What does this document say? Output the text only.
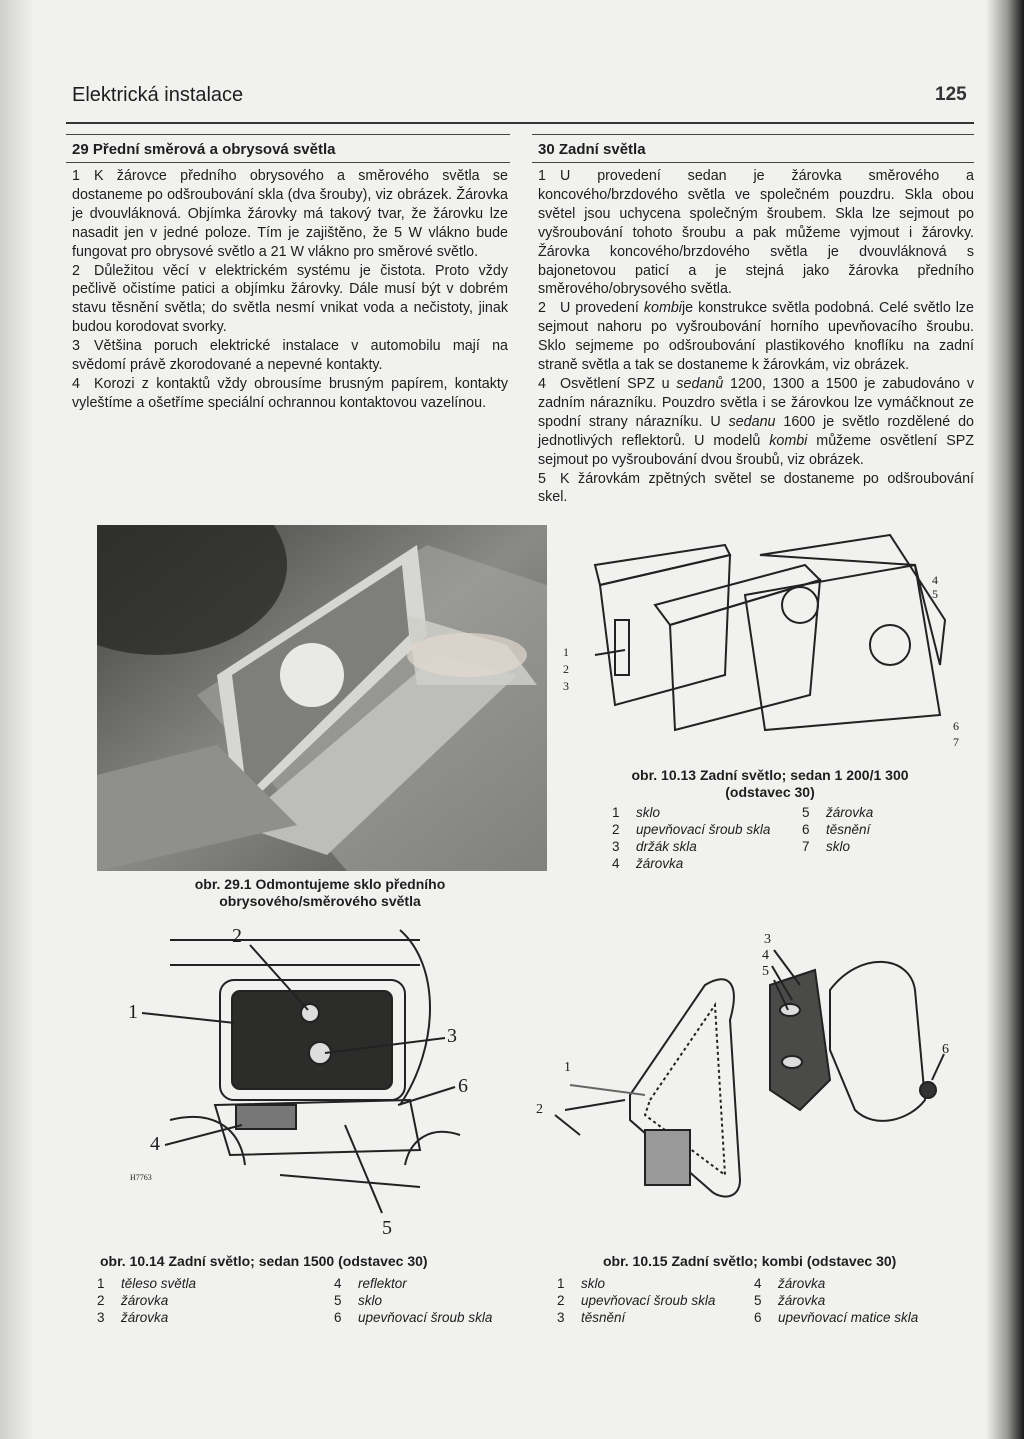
Elektrická instalace	125
29 Přední směrová a obrysová světla

1 K žárovce předního obrysového a směrového světla se dostaneme po odšroubování skla (dva šrouby), viz obrázek. Žárovka je dvouvláknová. Objímka žárovky má takový tvar, že žárovku lze nasadit jen v jedné poloze. Tím je zajištěno, že 5 W vlákno bude fungovat pro obrysové světlo a 21 W vlákno pro směrové světlo.

2 Důležitou věcí v elektrickém systému je čistota. Proto vždy pečlivě očistíme patici a objímku žárovky. Dále musí být v dobrém stavu těsnění světla; do světla nesmí vnikat voda a nečistoty, jinak budou korodovat svorky.

3 Většina poruch elektrické instalace v automobilu mají na svědomí právě zkorodované a nepevné kontakty.

4 Korozi z kontaktů vždy obrousíme brusným papírem, kontakty vyleštíme a ošetříme speciální ochrannou kontaktovou vazelínou.

30 Zadní světla

1 U provedení sedan je žárovka směrového a koncového/brzdového světla ve společném pouzdru. Skla obou světel jsou uchycena společným šroubem. Skla lze sejmout po vyšroubování tohoto šroubu a pak můžeme vyjmout i žárovky. Žárovka koncového/brzdového světla je dvouvláknová s bajonetovou paticí a je stejná jako žárovka předního směrového/obrysového světla.

2 U provedení kombije konstrukce světla podobná. Celé světlo lze sejmout nahoru po vyšroubování horního upevňovacího šroubu. Sklo sejmeme po odšroubování plastikového knoflíku na zadní straně světla a tak se dostaneme k žárovkám, viz obrázek.

4 Osvětlení SPZ u sedanů 1200, 1300 a 1500 je zabudováno v zadním nárazníku. Pouzdro světla i se žárovkou lze vymáčknout ze spodní strany nárazníku. U sedanu 1600 je světlo rozdělené do jednotlivých reflektorů. U modelů kombi můžeme osvětlení SPZ sejmout po vyšroubování dvou šroubů, viz obrázek.

5 K žárovkám zpětných světel se dostaneme po odšroubování skel.

obr. 29.1 Odmontujeme sklo předního
obrysového/směrového světla
1
2
3
4
5
6
7
obr. 10.13 Zadní světlo; sedan 1 200/1 300
(odstavec 30)
1 sklo
2 upevňovací šroub skla
3 držák skla
4 žárovka
5 žárovka
6 těsnění
7 sklo
2
1
3
6
4
5
H7763
obr. 10.14 Zadní světlo; sedan 1500 (odstavec 30)
1 těleso světla
2 žárovka
3 žárovka
4 reflektor
5 sklo
6 upevňovací šroub skla
1
2
3
4
5
6
obr. 10.15 Zadní světlo; kombi (odstavec 30)
1 sklo
2 upevňovací šroub skla
3 těsnění
4 žárovka
5 žárovka
6 upevňovací matice skla
